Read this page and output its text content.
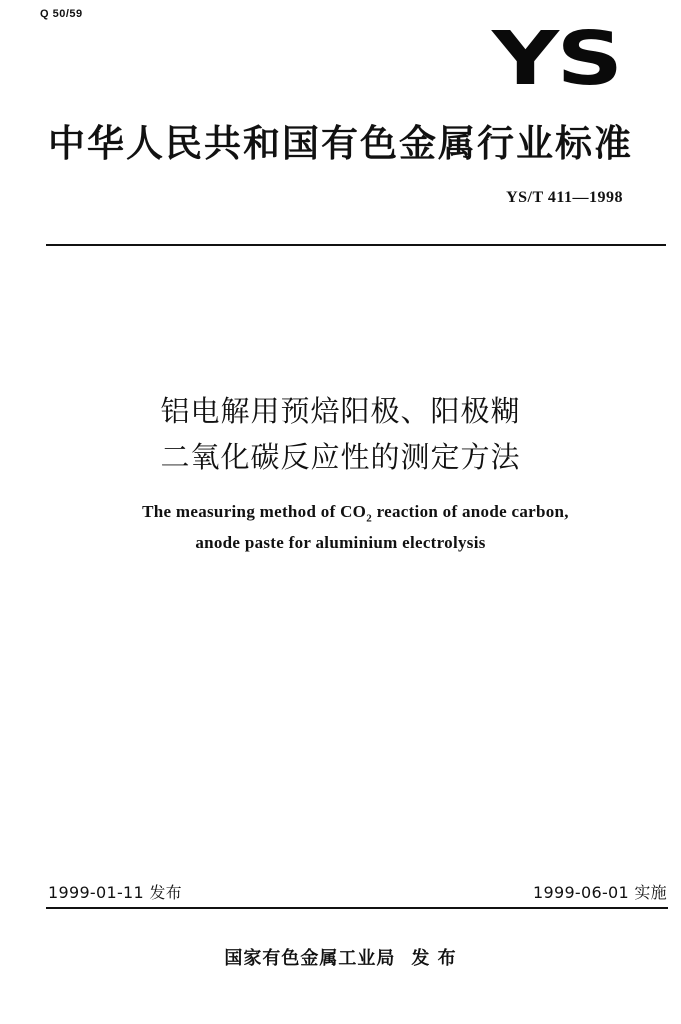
Q 50/59
YS
中华人民共和国有色金属行业标准
YS/T 411—1998
铝电解用预焙阳极、阳极糊
二氧化碳反应性的测定方法
The measuring method of $CO_2$ reaction of anode carbon,
anode paste for aluminium electrolysis
1999-01-11 发布	1999-06-01 实施
国家有色金属工业局 发 布
